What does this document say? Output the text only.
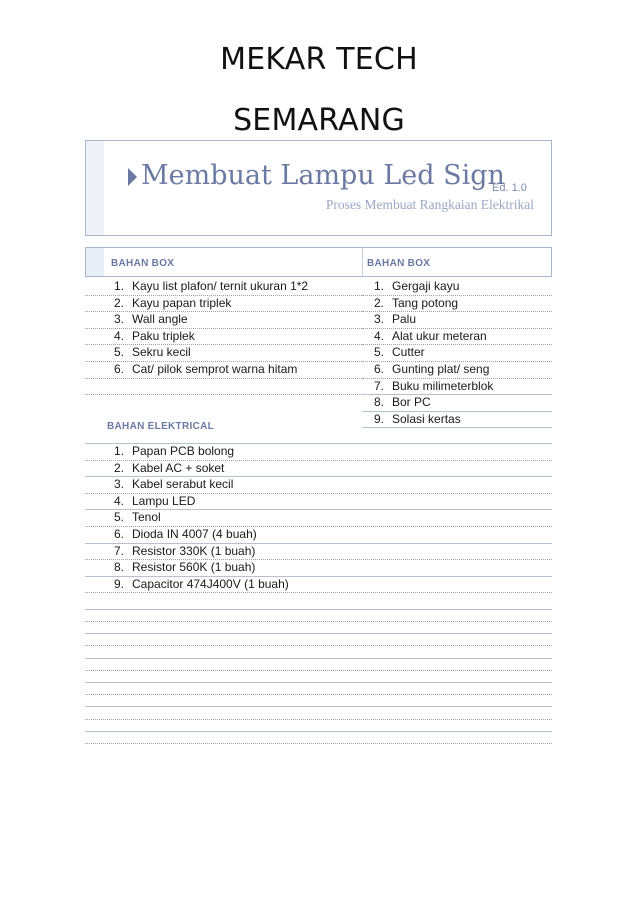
MEKAR TECH
SEMARANG
Membuat Lampu Led Sign
Ed. 1.0
Proses Membuat Rangkaian Elektrikal
BAHAN BOX	BAHAN BOX
1. Kayu list plafon/ ternit ukuran 1*2
2. Kayu papan triplek
3. Wall angle
4. Paku triplek
5. Sekru kecil
6. Cat/ pilok semprot warna hitam
1. Gergaji kayu
2. Tang potong
3. Palu
4. Alat ukur meteran
5. Cutter
6. Gunting plat/ seng
7. Buku milimeterblok
8. Bor PC
9. Solasi kertas
BAHAN ELEKTRICAL
1. Papan PCB bolong
2. Kabel AC + soket
3. Kabel serabut kecil
4. Lampu LED
5. Tenol
6. Dioda IN 4007 (4 buah)
7. Resistor 330K (1 buah)
8. Resistor 560K (1 buah)
9. Capacitor 474J400V (1 buah)
